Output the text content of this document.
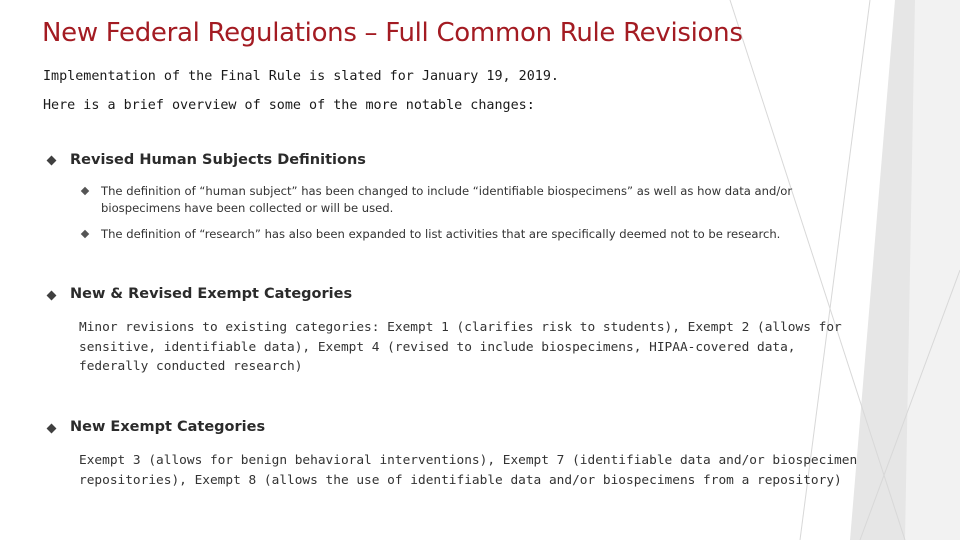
New Federal Regulations – Full Common Rule Revisions
Implementation of the Final Rule is slated for January 19, 2019.
Here is a brief overview of some of the more notable changes:
Revised Human Subjects Definitions
The definition of “human subject” has been changed to include “identifiable biospecimens” as well as how data and/or biospecimens have been collected or will be used.
The definition of “research” has also been expanded to list activities that are specifically deemed not to be research.
New & Revised Exempt Categories
Minor revisions to existing categories: Exempt 1 (clarifies risk to students), Exempt 2 (allows for sensitive, identifiable data), Exempt 4 (revised to include biospecimens, HIPAA-covered data, federally conducted research)
New Exempt Categories
Exempt 3 (allows for benign behavioral interventions), Exempt 7 (identifiable data and/or biospecimen repositories), Exempt 8 (allows the use of identifiable data and/or biospecimens from a repository)
